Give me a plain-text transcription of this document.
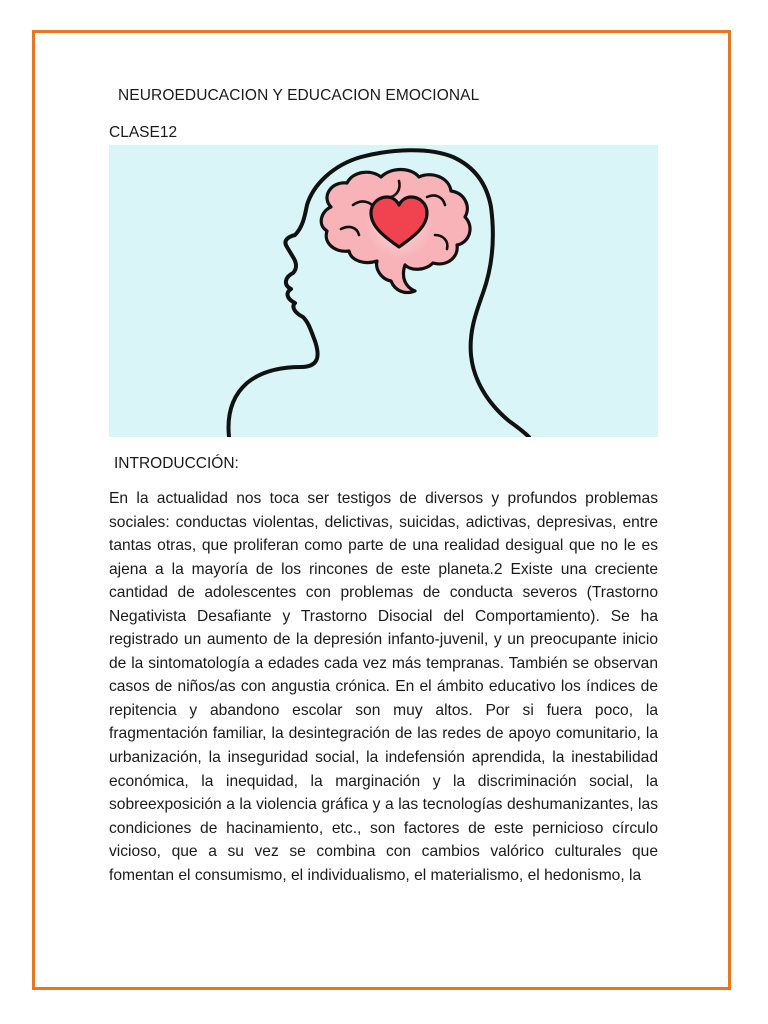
NEUROEDUCACION Y EDUCACION EMOCIONAL

CLASE12

INTRODUCCIÓN:

En la actualidad nos toca ser testigos de diversos y profundos problemas sociales: conductas violentas, delictivas, suicidas, adictivas, depresivas, entre tantas otras, que proliferan como parte de una realidad desigual que no le es ajena a la mayoría de los rincones de este planeta.2 Existe una creciente cantidad de adolescentes con problemas de conducta severos (Trastorno Negativista Desafiante y Trastorno Disocial del Comportamiento). Se ha registrado un aumento de la depresión infanto-juvenil, y un preocupante inicio de la sintomatología a edades cada vez más tempranas. También se observan casos de niños/as con angustia crónica. En el ámbito educativo los índices de repitencia y abandono escolar son muy altos. Por si fuera poco, la fragmentación familiar, la desintegración de las redes de apoyo comunitario, la urbanización, la inseguridad social, la indefensión aprendida, la inestabilidad económica, la inequidad, la marginación y la discriminación social, la sobreexposición a la violencia gráfica y a las tecnologías deshumanizantes, las condiciones de hacinamiento, etc., son factores de este pernicioso círculo vicioso, que a su vez se combina con cambios valórico culturales que fomentan el consumismo, el individualismo, el materialismo, el hedonismo, la
